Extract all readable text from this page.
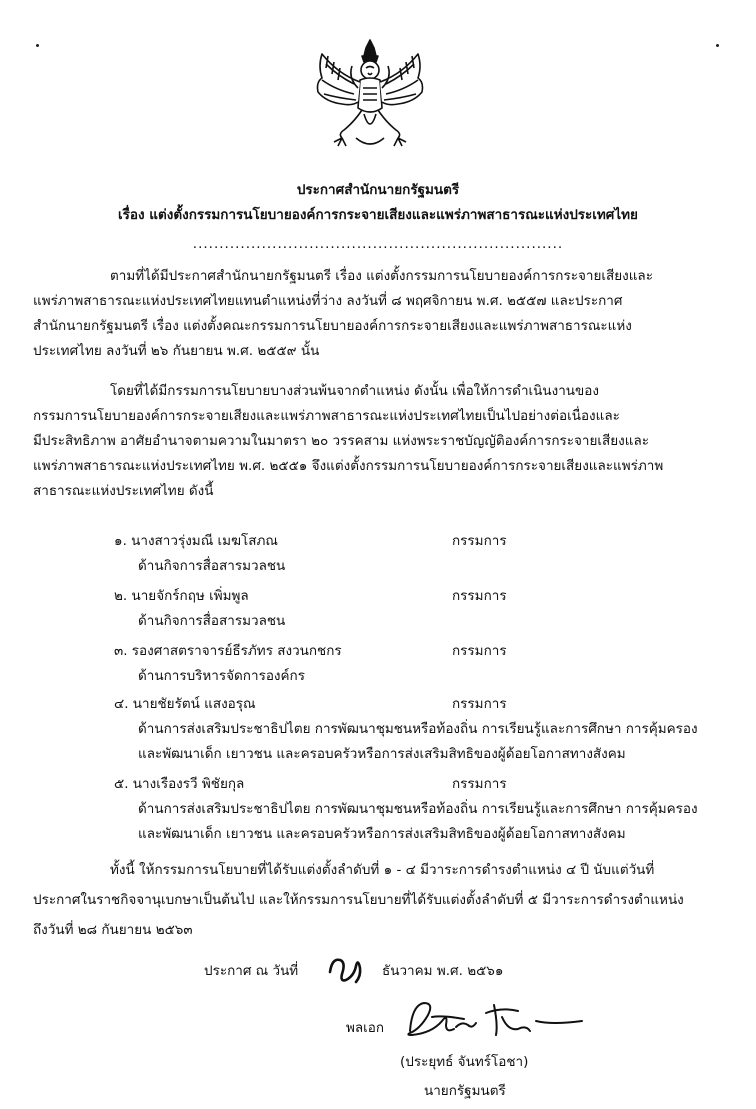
ประกาศสำนักนายกรัฐมนตรี
เรื่อง แต่งตั้งกรรมการนโยบายองค์การกระจายเสียงและแพร่ภาพสาธารณะแห่งประเทศไทย
......................................................................
ตามที่ได้มีประกาศสำนักนายกรัฐมนตรี เรื่อง แต่งตั้งกรรมการนโยบายองค์การกระจายเสียงและ
แพร่ภาพสาธารณะแห่งประเทศไทยแทนตำแหน่งที่ว่าง ลงวันที่ ๘ พฤศจิกายน พ.ศ. ๒๕๕๗ และประกาศ
สำนักนายกรัฐมนตรี เรื่อง แต่งตั้งคณะกรรมการนโยบายองค์การกระจายเสียงและแพร่ภาพสาธารณะแห่ง
ประเทศไทย ลงวันที่ ๒๖ กันยายน พ.ศ. ๒๕๕๙ นั้น
โดยที่ได้มีกรรมการนโยบายบางส่วนพ้นจากตำแหน่ง ดังนั้น เพื่อให้การดำเนินงานของ
กรรมการนโยบายองค์การกระจายเสียงและแพร่ภาพสาธารณะแห่งประเทศไทยเป็นไปอย่างต่อเนื่องและ
มีประสิทธิภาพ อาศัยอำนาจตามความในมาตรา ๒๐ วรรคสาม แห่งพระราชบัญญัติองค์การกระจายเสียงและ
แพร่ภาพสาธารณะแห่งประเทศไทย พ.ศ. ๒๕๕๑ จึงแต่งตั้งกรรมการนโยบายองค์การกระจายเสียงและแพร่ภาพ
สาธารณะแห่งประเทศไทย ดังนี้
๑. นางสาวรุ่งมณี เมฆโสภณ	กรรมการ
ด้านกิจการสื่อสารมวลชน
๒. นายจักร์กฤษ เพิ่มพูล	กรรมการ
ด้านกิจการสื่อสารมวลชน
๓. รองศาสตราจารย์ธีรภัทร สงวนกชกร	กรรมการ
ด้านการบริหารจัดการองค์กร
๔. นายชัยรัตน์ แสงอรุณ	กรรมการ
ด้านการส่งเสริมประชาธิปไตย การพัฒนาชุมชนหรือท้องถิ่น การเรียนรู้และการศึกษา การคุ้มครอง
และพัฒนาเด็ก เยาวชน และครอบครัวหรือการส่งเสริมสิทธิของผู้ด้อยโอกาสทางสังคม
๕. นางเรืองรวี พิชัยกุล	กรรมการ
ด้านการส่งเสริมประชาธิปไตย การพัฒนาชุมชนหรือท้องถิ่น การเรียนรู้และการศึกษา การคุ้มครอง
และพัฒนาเด็ก เยาวชน และครอบครัวหรือการส่งเสริมสิทธิของผู้ด้อยโอกาสทางสังคม
ทั้งนี้ ให้กรรมการนโยบายที่ได้รับแต่งตั้งลำดับที่ ๑ - ๔ มีวาระการดำรงตำแหน่ง ๔ ปี นับแต่วันที่
ประกาศในราชกิจจานุเบกษาเป็นต้นไป และให้กรรมการนโยบายที่ได้รับแต่งตั้งลำดับที่ ๕ มีวาระการดำรงตำแหน่ง
ถึงวันที่ ๒๘ กันยายน ๒๕๖๓
ประกาศ ณ วันที่	ธันวาคม พ.ศ. ๒๕๖๑
พลเอก
(ประยุทธ์ จันทร์โอชา)
นายกรัฐมนตรี
